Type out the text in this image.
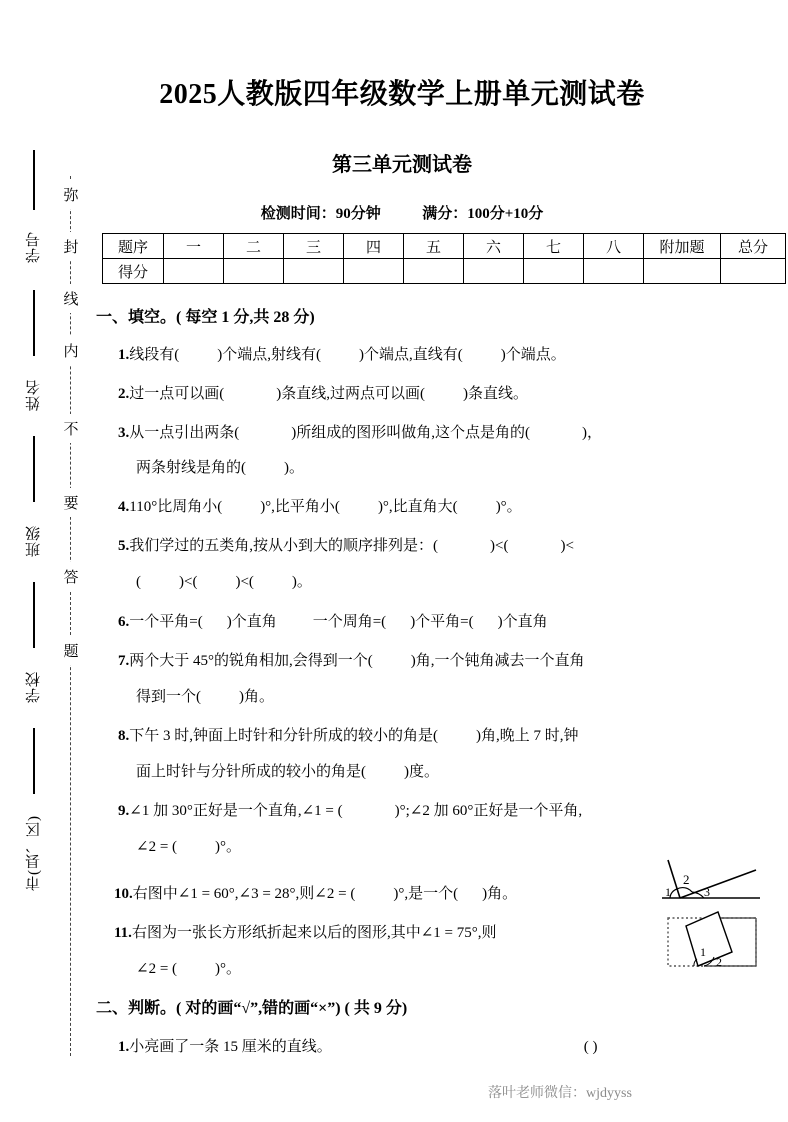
学号
姓名
班级
学校
市(县、区)
弥
封
线
内
不
要
答
题
2025人教版四年级数学上册单元测试卷
第三单元测试卷
检测时间：90分钟	满分：100分+10分
题序	一	二	三	四	五	六	七	八	附加题	总分
得分										
一、填空。( 每空 1 分,共 28 分)
1.线段有(	)个端点,射线有(	)个端点,直线有(	)个端点。
2.过一点可以画(	)条直线,过两点可以画(	)条直线。
3.从一点引出两条(	)所组成的图形叫做角,这个点是角的(	)，
两条射线是角的(	)。
4.110°比周角小(	)°,比平角小(	)°,比直角大(	)°。
5.我们学过的五类角,按从小到大的顺序排列是：(	)<(	)<
(	)<(	)<(	)。
6.一个平角=( )个直角 一个周角=( )个平角=( )个直角
7.两个大于 45°的锐角相加,会得到一个(	)角,一个钝角减去一个直角
得到一个(	)角。
8.下午 3 时,钟面上时针和分针所成的较小的角是(	)角,晚上 7 时,钟
面上时针与分针所成的较小的角是(	)度。
9.∠1 加 30°正好是一个直角,∠1 = (	)°;∠2 加 60°正好是一个平角,
∠2 = (	)°。
10.右图中∠1 = 60°,∠3 = 28°,则∠2 = (	)°,是一个( )角。
11.右图为一张长方形纸折起来以后的图形,其中∠1 = 75°,则
∠2 = (	)°。
1
2
3
1
2
二、判断。( 对的画“√”,错的画“×”) ( 共 9 分)
1.小亮画了一条 15 厘米的直线。	( )
落叶老师微信：wjdyyss
